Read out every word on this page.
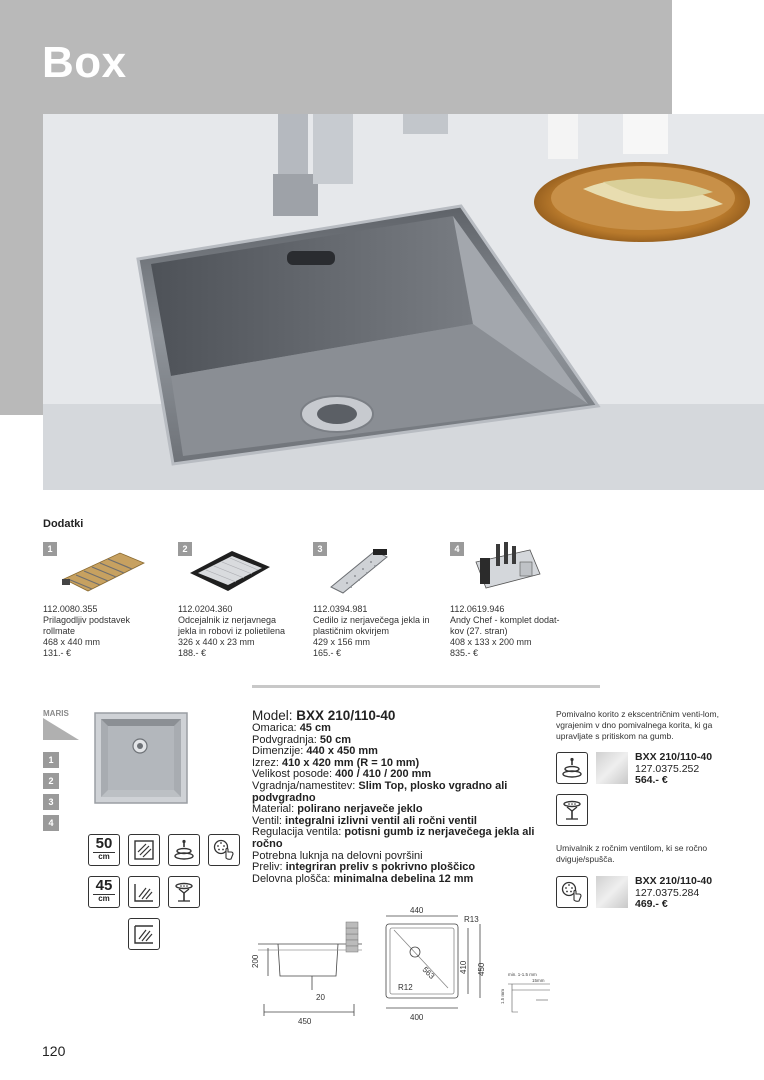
Box
Dodatki
1
112.0080.355
Prilagodljiv podstavek
rollmate
468 x 440 mm
131.- €
2
112.0204.360
Odcejalnik iz nerjavnega
jekla in robovi iz polietilena
326 x 440 x 23 mm
188.- €
3
112.0394.981
Cedilo iz nerjavečega jekla in
plastičnim okvirjem
429 x 156 mm
165.- €
4
112.0619.946
Andy Chef - komplet dodat-
kov (27. stran)
408 x 133 x 200 mm
835.- €
MARIS
1
2
3
4
50
cm
45
cm
Model: BXX 210/110-40
Omarica: 45 cm
Podvgradnja: 50 cm
Dimenzije: 440 x 450 mm
Izrez: 410 x 420 mm (R = 10 mm)
Velikost posode: 400 / 410 / 200 mm
Vgradnja/namestitev: Slim Top, plosko vgradno ali podvgradno
Material: polirano nerjaveče jeklo
Ventil: integralni izlivni ventil ali ročni ventil
Regulacija ventila: potisni gumb iz nerjavečega jekla ali ročno
Potrebna luknja na delovni površini
Preliv: integriran preliv s pokrivno ploščico
Delovna plošča: minimalna debelina 12 mm
Pomivalno korito z ekscentričnim venti-lom, vgrajenim v dno pomivalnega korita, ki ga upravljate s pritiskom na gumb.
BXX 210/110-40
127.0375.252
564.- €
Umivalnik z ročnim ventilom, ki se ročno dviguje/spušča.
BXX 210/110-40
127.0375.284
469.- €
200
20
450
440
R13
563	410 450
R12
400
min. 1-1.5 mm
15mm
1.5 mm
120
